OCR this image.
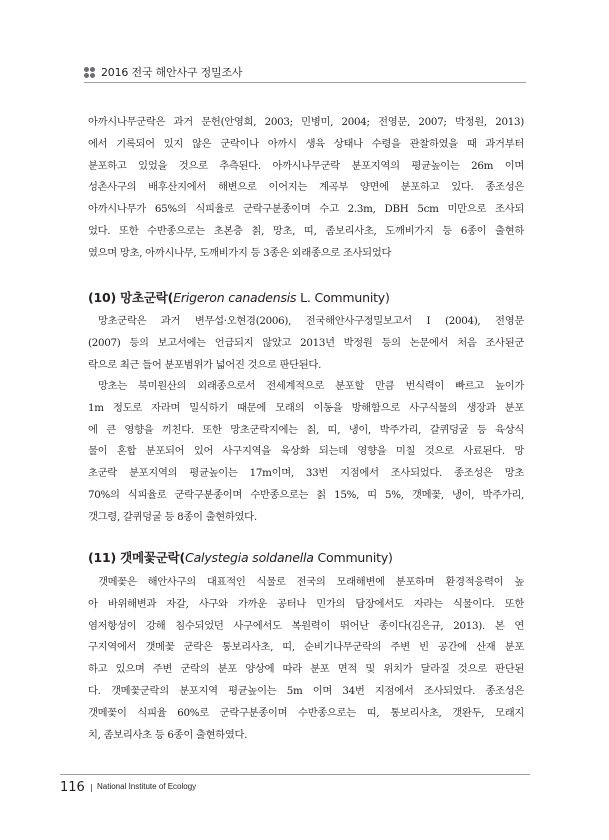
2016 전국 해안사구 정밀조사

아까시나무군락은 과거 문헌(안영희, 2003; 민병미, 2004; 전영문, 2007; 박정원, 2013)
에서 기록되어 있지 않은 군락이나 아까시 생육 상태나 수령을 관찰하였을 때 과거부터
분포하고 있었을 것으로 추측된다. 아까시나무군락 분포지역의 평균높이는 26m 이며
성촌사구의 배후산지에서 해변으로 이어지는 계곡부 양면에 분포하고 있다. 종조성은
아까시나무가 65%의 식피율로 군락구분종이며 수고 2.3m, DBH 5cm 미만으로 조사되
었다. 또한 수반종으로는 초본층 칡, 망초, 띠, 좀보리사초, 도깨비가지 등 6종이 출현하
였으며 망초, 아까시나무, 도깨비가지 등 3종은 외래종으로 조사되었다

(10) 망초군락(Erigeron canadensis L. Community)

망초군락은 과거 변무섭·오현경(2006), 전국해안사구정밀보고서 I (2004), 전영문
(2007) 등의 보고서에는 언급되지 않았고 2013년 박정원 등의 논문에서 처음 조사된군
락으로 최근 들어 분포범위가 넓어진 것으로 판단된다.

망초는 북미원산의 외래종으로서 전세계적으로 분포할 만큼 번식력이 빠르고 높이가
1m 정도로 자라며 밀식하기 때문에 모래의 이동을 방해함으로 사구식물의 생장과 분포
에 큰 영향을 끼친다. 또한 망초군락지에는 칡, 띠, 냉이, 박주가리, 갈퀴덩굴 등 육상식
물이 혼합 분포되어 있어 사구지역을 육상화 되는데 영향을 미칠 것으로 사료된다. 망
초군락 분포지역의 평균높이는 17m이며, 33번 지점에서 조사되었다. 종조성은 망초
70%의 식피율로 군락구분종이며 수반종으로는 칡 15%, 띠 5%, 갯메꽃, 냉이, 박주가리,
갯그령, 갈퀴덩굴 등 8종이 출현하였다.

(11) 갯메꽃군락(Calystegia soldanella Community)

갯메꽃은 해안사구의 대표적인 식물로 전국의 모래해변에 분포하며 환경적응력이 높
아 바위해변과 자갈, 사구와 가까운 공터나 민가의 담장에서도 자라는 식물이다. 또한
염저항성이 강해 침수되었던 사구에서도 복원력이 뛰어난 종이다(김은규, 2013). 본 연
구지역에서 갯메꽃 군락은 통보리사초, 띠, 순비기나무군락의 주변 빈 공간에 산재 분포
하고 있으며 주변 군락의 분포 양상에 따라 분포 면적 및 위치가 달라질 것으로 판단된
다. 갯메꽃군락의 분포지역 평균높이는 5m 이며 34번 지점에서 조사되었다. 종조성은
갯메꽃이 식피율 60%로 군락구분종이며 수반종으로는 띠, 통보리사초, 갯완두, 모래지
치, 좀보리사초 등 6종이 출현하였다.

116 National Institute of Ecology
